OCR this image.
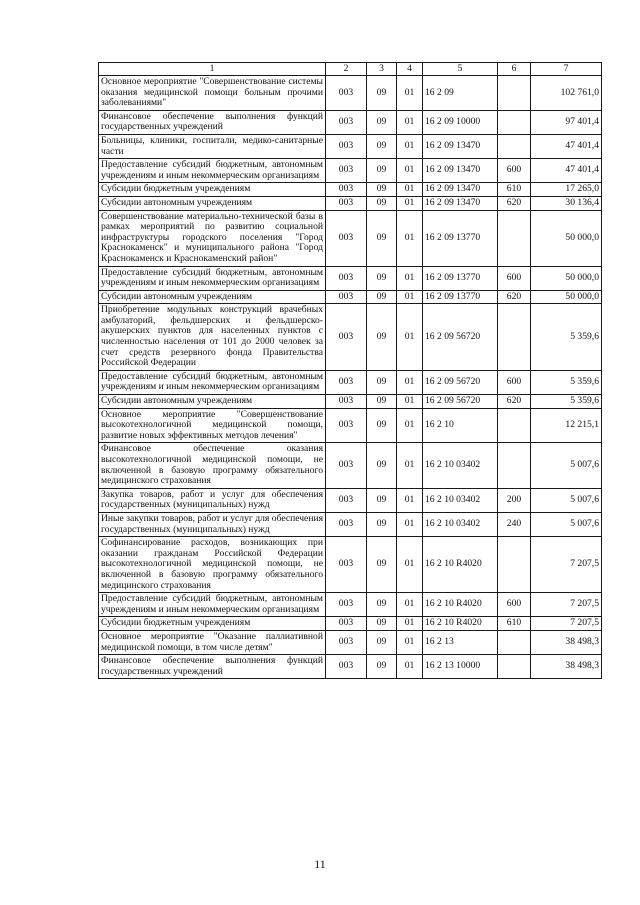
1	2	3	4	5	6	7
Основное мероприятие "Совершенствование системы оказания медицинской помощи больным прочими заболеваниями"	003	09	01	16 2 09		102 761,0
Финансовое обеспечение выполнения функций государственных учреждений	003	09	01	16 2 09 10000		97 401,4
Больницы, клиники, госпитали, медико-санитарные части	003	09	01	16 2 09 13470		47 401,4
Предоставление субсидий бюджетным, автономным учреждениям и иным некоммерческим организациям	003	09	01	16 2 09 13470	600	47 401,4
Субсидии бюджетным учреждениям	003	09	01	16 2 09 13470	610	17 265,0
Субсидии автономным учреждениям	003	09	01	16 2 09 13470	620	30 136,4
Совершенствование материально-технической базы в рамках мероприятий по развитию социальной инфраструктуры городского поселения "Город Краснокаменск" и муниципального района "Город Краснокаменск и Краснокаменский район"	003	09	01	16 2 09 13770		50 000,0
Предоставление субсидий бюджетным, автономным учреждениям и иным некоммерческим организациям	003	09	01	16 2 09 13770	600	50 000,0
Субсидии автономным учреждениям	003	09	01	16 2 09 13770	620	50 000,0
Приобретение модульных конструкций врачебных амбулаторий, фельдшерских и фельдшерско-акушерских пунктов для населенных пунктов с численностью населения от 101 до 2000 человек за счет средств резервного фонда Правительства Российской Федерации	003	09	01	16 2 09 56720		5 359,6
Предоставление субсидий бюджетным, автономным учреждениям и иным некоммерческим организациям	003	09	01	16 2 09 56720	600	5 359,6
Субсидии автономным учреждениям	003	09	01	16 2 09 56720	620	5 359,6
Основное мероприятие "Совершенствование высокотехнологичной медицинской помощи, развитие новых эффективных методов лечения"	003	09	01	16 2 10		12 215,1
Финансовое обеспечение оказания высокотехнологичной медицинской помощи, не включенной в базовую программу обязательного медицинского страхования	003	09	01	16 2 10 03402		5 007,6
Закупка товаров, работ и услуг для обеспечения государственных (муниципальных) нужд	003	09	01	16 2 10 03402	200	5 007,6
Иные закупки товаров, работ и услуг для обеспечения государственных (муниципальных) нужд	003	09	01	16 2 10 03402	240	5 007,6
Софинансирование расходов, возникающих при оказании гражданам Российской Федерации высокотехнологичной медицинской помощи, не включенной в базовую программу обязательного медицинского страхования	003	09	01	16 2 10 R4020		7 207,5
Предоставление субсидий бюджетным, автономным учреждениям и иным некоммерческим организациям	003	09	01	16 2 10 R4020	600	7 207,5
Субсидии бюджетным учреждениям	003	09	01	16 2 10 R4020	610	7 207,5
Основное мероприятие "Оказание паллиативной медицинской помощи, в том числе детям"	003	09	01	16 2 13		38 498,3
Финансовое обеспечение выполнения функций государственных учреждений	003	09	01	16 2 13 10000		38 498,3
11
